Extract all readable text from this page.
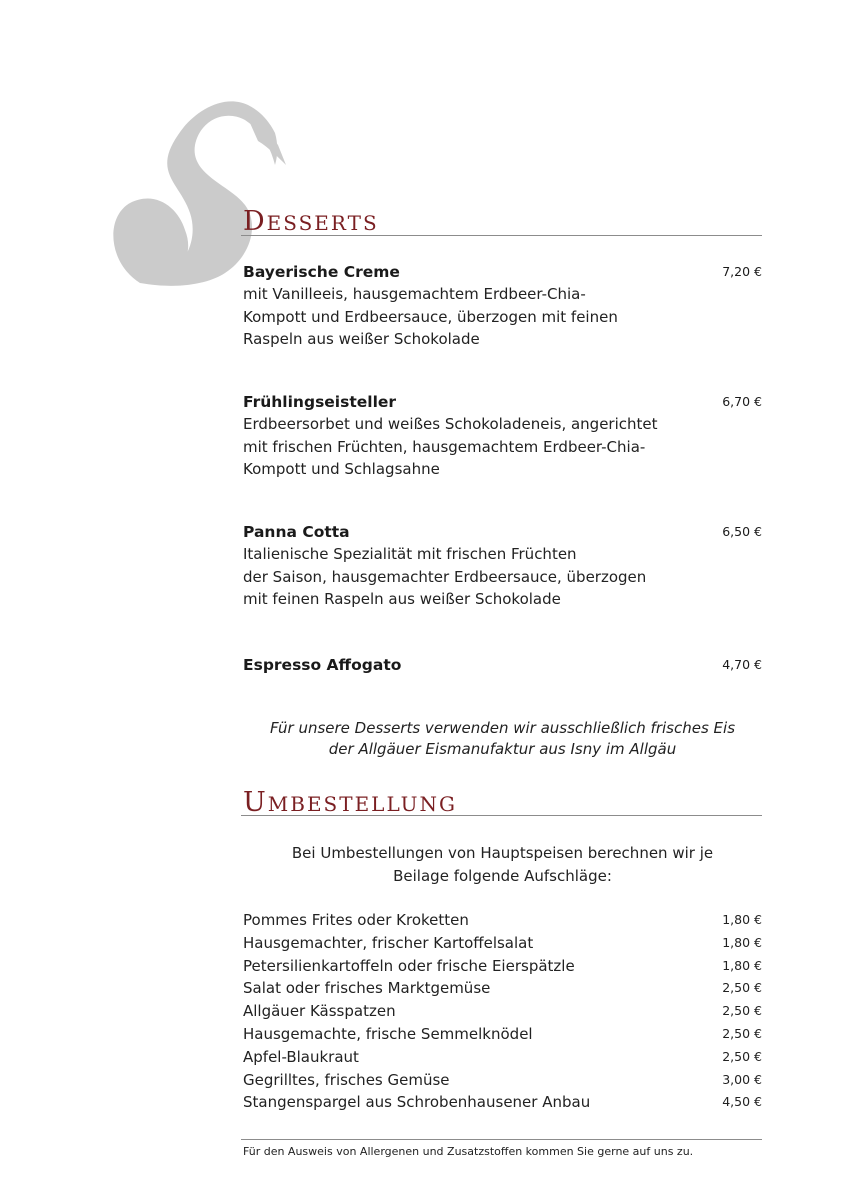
DESSERTS
Bayerische Creme	7,20 €
mit Vanilleeis, hausgemachtem Erdbeer-Chia-
Kompott und Erdbeersauce, überzogen mit feinen
Raspeln aus weißer Schokolade
Frühlingseisteller	6,70 €
Erdbeersorbet und weißes Schokoladeneis, angerichtet
mit frischen Früchten, hausgemachtem Erdbeer-Chia-
Kompott und Schlagsahne
Panna Cotta	6,50 €
Italienische Spezialität mit frischen Früchten
der Saison, hausgemachter Erdbeersauce, überzogen
mit feinen Raspeln aus weißer Schokolade
Espresso Affogato	4,70 €
Für unsere Desserts verwenden wir ausschließlich frisches Eis
der Allgäuer Eismanufaktur aus Isny im Allgäu
UMBESTELLUNG
Bei Umbestellungen von Hauptspeisen berechnen wir je
Beilage folgende Aufschläge:
Pommes Frites oder Kroketten	1,80 €
Hausgemachter, frischer Kartoffelsalat	1,80 €
Petersilienkartoffeln oder frische Eierspätzle	1,80 €
Salat oder frisches Marktgemüse	2,50 €
Allgäuer Kässpatzen	2,50 €
Hausgemachte, frische Semmelknödel	2,50 €
Apfel-Blaukraut	2,50 €
Gegrilltes, frisches Gemüse	3,00 €
Stangenspargel aus Schrobenhausener Anbau	4,50 €
Für den Ausweis von Allergenen und Zusatzstoffen kommen Sie gerne auf uns zu.
